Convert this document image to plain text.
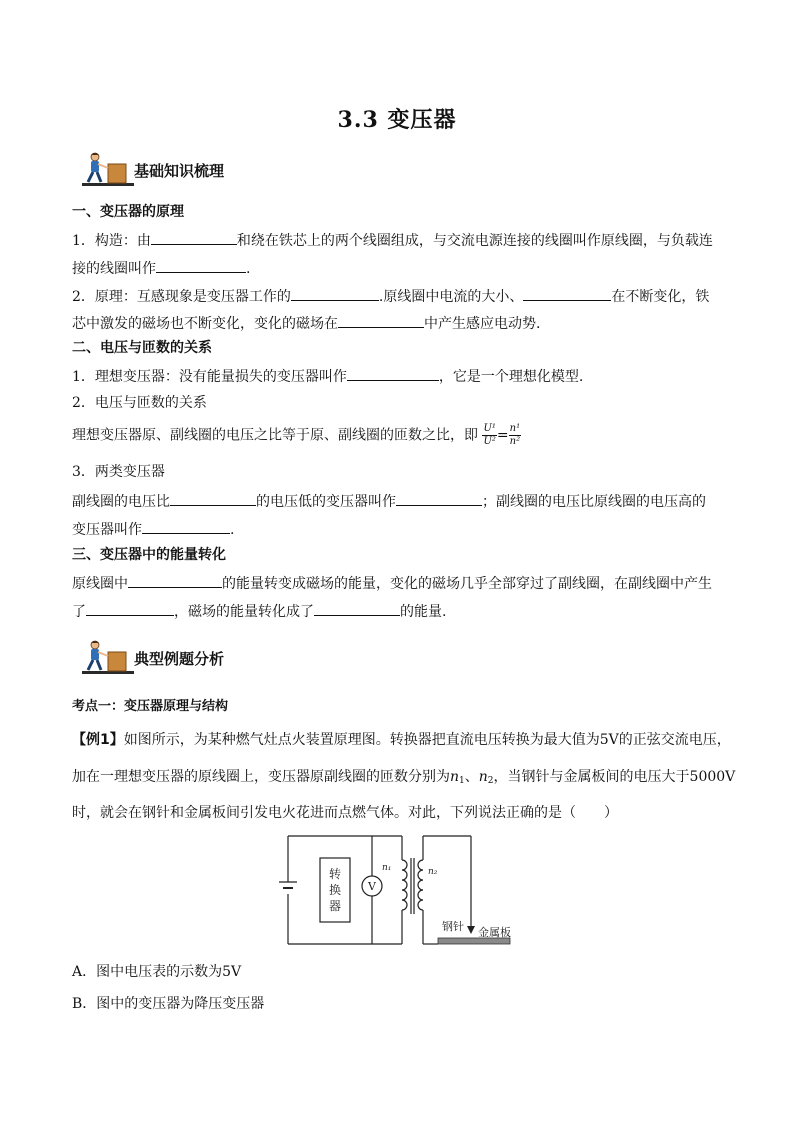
3.3 变压器
基础知识梳理
一、变压器的原理
1．构造：由	和绕在铁芯上的两个线圈组成，与交流电源连接的线圈叫作原线圈，与负载连
接的线圈叫作	.
2．原理：互感现象是变压器工作的	.原线圈中电流的大小、	在不断变化，铁
芯中激发的磁场也不断变化，变化的磁场在	中产生感应电动势.
二、电压与匝数的关系
1．理想变压器：没有能量损失的变压器叫作	，它是一个理想化模型.
2．电压与匝数的关系
理想变压器原、副线圈的电压之比等于原、副线圈的匝数之比，即 $\frac{\text{U¹}}{\text{U²}} = \frac{\text{n¹}}{\text{n²}}$
3．两类变压器
副线圈的电压比	的电压低的变压器叫作	；副线圈的电压比原线圈的电压高的
变压器叫作	.
三、变压器中的能量转化
原线圈中	的能量转变成磁场的能量，变化的磁场几乎全部穿过了副线圈，在副线圈中产生
了	，磁场的能量转化成了	的能量.
典型例题分析
考点一：变压器原理与结构
【例1】如图所示，为某种燃气灶点火装置原理图。转换器把直流电压转换为最大值为5V的正弦交流电压，
加在一理想变压器的原线圈上，变压器原副线圈的匝数分别为$n_1$、$n_2$，当钢针与金属板间的电压大于5000V
时，就会在钢针和金属板间引发电火花进而点燃气体。对此，下列说法正确的是（　　）
转
换
器
V
n₁	n₂
钢针 金属板
A．图中电压表的示数为5V
B．图中的变压器为降压变压器
